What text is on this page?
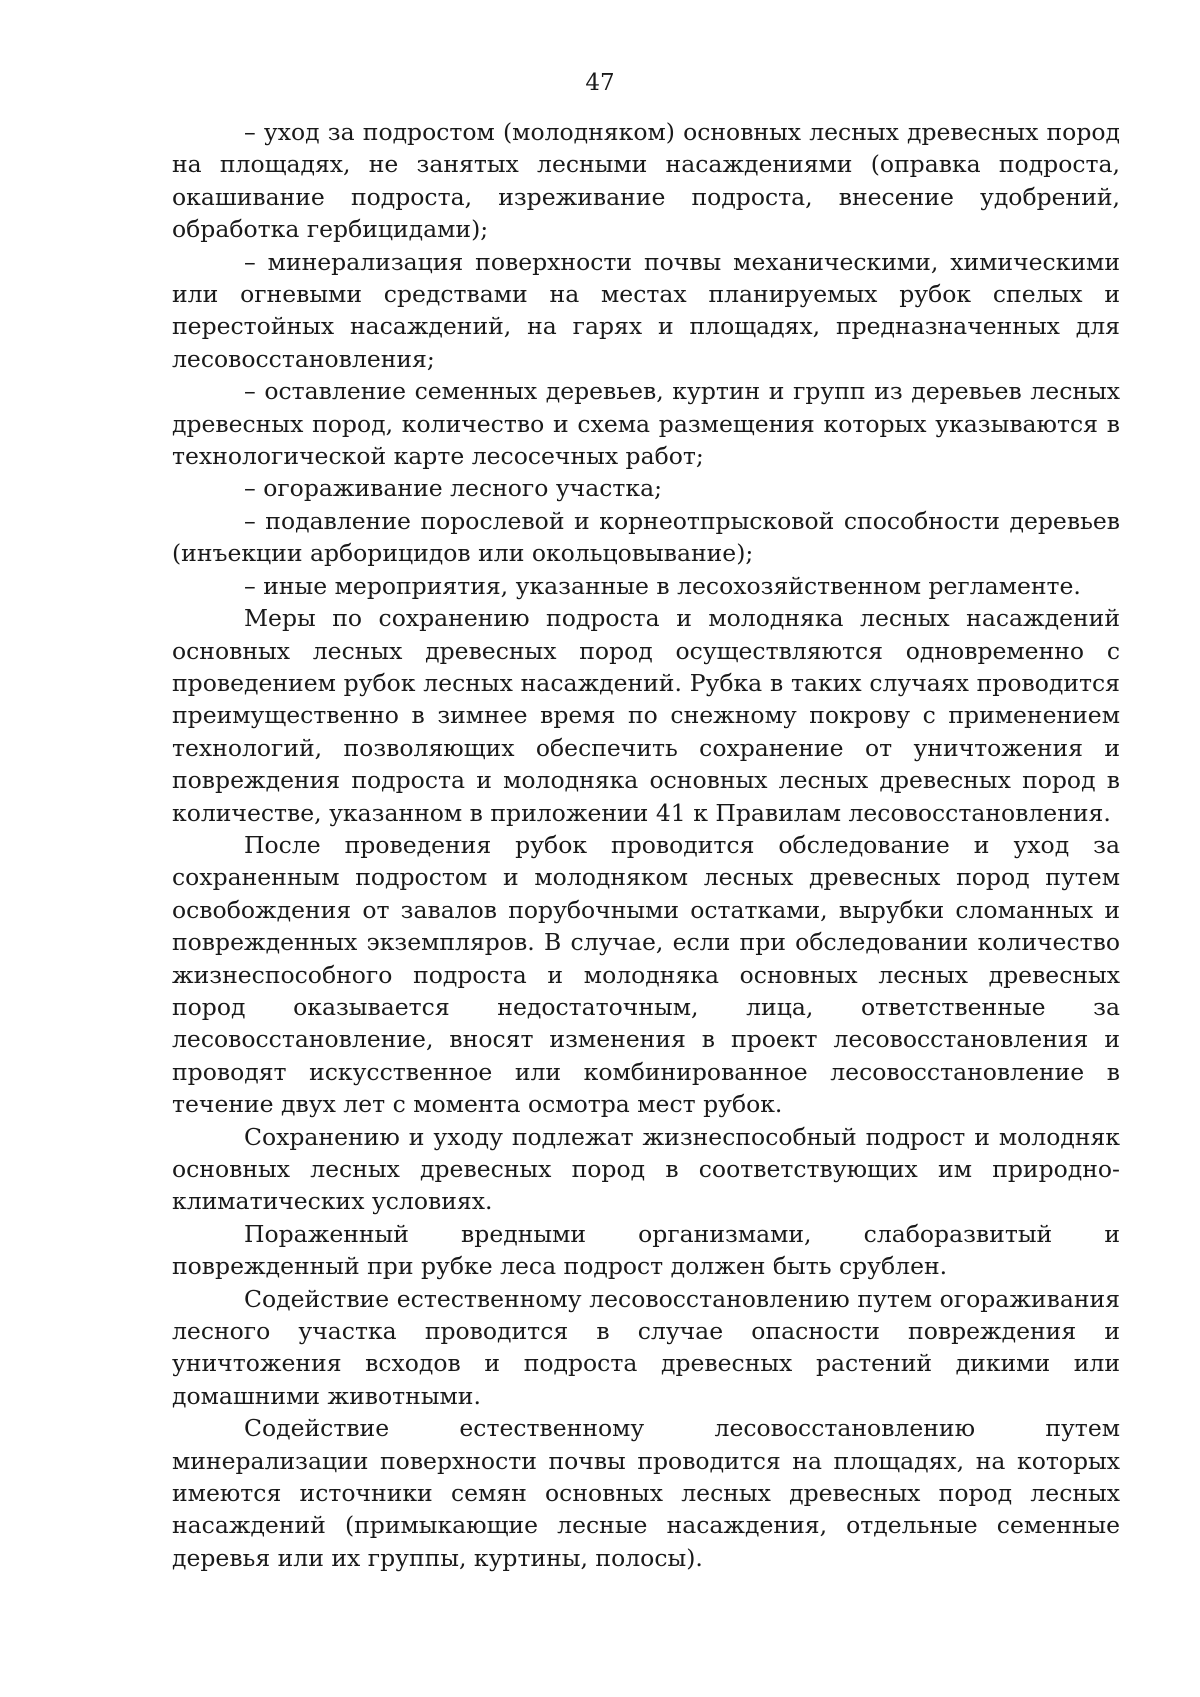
47

– уход за подростом (молодняком) основных лесных древесных пород на площадях, не занятых лесными насаждениями (оправка подроста, окашивание подроста, изреживание подроста, внесение удобрений, обработка гербицидами);

– минерализация поверхности почвы механическими, химическими или огневыми средствами на местах планируемых рубок спелых и перестойных насаждений, на гарях и площадях, предназначенных для лесовосстановления;

– оставление семенных деревьев, куртин и групп из деревьев лесных древесных пород, количество и схема размещения которых указываются в технологической карте лесосечных работ;

– огораживание лесного участка;

– подавление порослевой и корнеотпрысковой способности деревьев (инъекции арборицидов или окольцовывание);

– иные мероприятия, указанные в лесохозяйственном регламенте.

Меры по сохранению подроста и молодняка лесных насаждений основных лесных древесных пород осуществляются одновременно с проведением рубок лесных насаждений. Рубка в таких случаях проводится преимущественно в зимнее время по снежному покрову с применением технологий, позволяющих обеспечить сохранение от уничтожения и повреждения подроста и молодняка основных лесных древесных пород в количестве, указанном в приложении 41 к Правилам лесовосстановления.

После проведения рубок проводится обследование и уход за сохраненным подростом и молодняком лесных древесных пород путем освобождения от завалов порубочными остатками, вырубки сломанных и поврежденных экземпляров. В случае, если при обследовании количество жизнеспособного подроста и молодняка основных лесных древесных пород оказывается недостаточным, лица, ответственные за лесовосстановление, вносят изменения в проект лесовосстановления и проводят искусственное или комбинированное лесовосстановление в течение двух лет с момента осмотра мест рубок.

Сохранению и уходу подлежат жизнеспособный подрост и молодняк основных лесных древесных пород в соответствующих им природно-климатических условиях.

Пораженный вредными организмами, слаборазвитый и поврежденный при рубке леса подрост должен быть срублен.

Содействие естественному лесовосстановлению путем огораживания лесного участка проводится в случае опасности повреждения и уничтожения всходов и подроста древесных растений дикими или домашними животными.

Содействие естественному лесовосстановлению путем минерализации поверхности почвы проводится на площадях, на которых имеются источники семян основных лесных древесных пород лесных насаждений (примыкающие лесные насаждения, отдельные семенные деревья или их группы, куртины, полосы).
